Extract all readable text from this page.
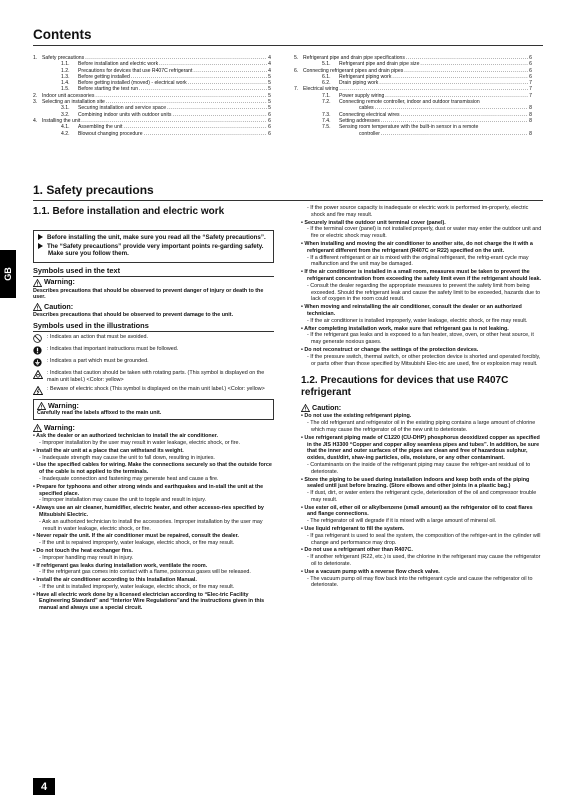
Contents
1. Safety precautions .....	4
1.1.	Before installation and electric work .....	4
1.2.	Precautions for devices that use R407C refrigerant .....	4
1.3.	Before getting installed .....	5
1.4.	Before getting installed (moved) - electrical work .....	5
1.5.	Before starting the test run .....	5
2. Indoor unit accessories .....	5
3. Selecting an installation site .....	5
3.1.	Securing installation and service space .....	5
3.2.	Combining indoor units with outdoor units .....	6
4. Installing the unit .....	6
4.1.	Assembling the unit .....	6
4.2.	Blowout changing procedure .....	6
5. Refrigerant pipe and drain pipe specifications .....	6
5.1.	Refrigerant pipe and drain pipe size .....	6
6. Connecting refrigerant pipes and drain pipes .....	6
6.1.	Refrigerant piping work .....	6
6.2.	Drain piping work .....	7
7. Electrical wiring .....	7
7.1.	Power supply wiring .....	7
7.2.	Connecting remote controller, indoor and outdoor transmission
cables .....	8
7.3.	Connecting electrical wires .....	8
7.4.	Setting addresses .....	8
7.5.	Sensing room temperature with the built-in sensor in a remote
controller .....	8
1. Safety precautions
GB
1.1. Before installation and electric work
Before installing the unit, make sure you read all the “Safety precautions”.
The “Safety precautions” provide very important points re-garding safety. Make sure you follow them.
Symbols used in the text
Warning:
Describes precautions that should be observed to prevent danger of injury or death to the user.
Caution:
Describes precautions that should be observed to prevent damage to the unit.
Symbols used in the illustrations
: Indicates an action that must be avoided.
: Indicates that important instructions must be followed.
: Indicates a part which must be grounded.
: Indicates that caution should be taken with rotating parts. (This symbol is displayed on the main unit label.) <Color: yellow>
: Beware of electric shock (This symbol is displayed on the main unit label.) <Color: yellow>
Warning:
Carefully read the labels affixed to the main unit.
Warning:
• Ask the dealer or an authorized technician to install the air conditioner.
- Improper installation by the user may result in water leakage, electric shock, or fire.
• Install the air unit at a place that can withstand its weight.
- Inadequate strength may cause the unit to fall down, resulting in injuries.
• Use the specified cables for wiring. Make the connections securely so that the outside force of the cable is not applied to the terminals.
- Inadequate connection and fastening may generate heat and cause a fire.
• Prepare for typhoons and other strong winds and earthquakes and in-stall the unit at the specified place.
- Improper installation may cause the unit to topple and result in injury.
• Always use an air cleaner, humidifier, electric heater, and other accesso-ries specified by Mitsubishi Electric.
- Ask an authorized technician to install the accessories. Improper installation by the user may result in water leakage, electric shock, or fire.
• Never repair the unit. If the air conditioner must be repaired, consult the dealer.
- If the unit is repaired improperly, water leakage, electric shock, or fire may result.
• Do not touch the heat exchanger fins.
- Improper handling may result in injury.
• If refrigerant gas leaks during installation work, ventilate the room.
- If the refrigerant gas comes into contact with a flame, poisonous gases will be released.
• Install the air conditioner according to this Installation Manual.
- If the unit is installed improperly, water leakage, electric shock, or fire may result.
• Have all electric work done by a licensed electrician according to “Elec-tric Facility Engineering Standard” and “Interior Wire Regulations”and the instructions given in this manual and always use a special circuit.
- If the power source capacity is inadequate or electric work is performed im-properly, electric shock and fire may result.
• Securely install the outdoor unit terminal cover (panel).
- If the terminal cover (panel) is not installed properly, dust or water may enter the outdoor unit and fire or electric shock may result.
• When installing and moving the air conditioner to another site, do not charge the it with a refrigerant different from the refrigerant (R407C or R22) specified on the unit.
- If a different refrigerant or air is mixed with the original refrigerant, the refrig-erant cycle may malfunction and the unit may be damaged.
• If the air conditioner is installed in a small room, measures must be taken to prevent the refrigerant concentration from exceeding the safety limit even if the refrigerant should leak.
- Consult the dealer regarding the appropriate measures to prevent the safety limit from being exceeded. Should the refrigerant leak and cause the safety limit to be exceeded, hazards due to lack of oxygen in the room could result.
• When moving and reinstalling the air conditioner, consult the dealer or an authorized technician.
- If the air conditioner is installed improperly, water leakage, electric shock, or fire may result.
• After completing installation work, make sure that refrigerant gas is not leaking.
- If the refrigerant gas leaks and is exposed to a fan heater, stove, oven, or other heat source, it may generate noxious gases.
• Do not reconstruct or change the settings of the protection devices.
- If the pressure switch, thermal switch, or other protection device is shorted and operated forcibly, or parts other than those specified by Mitsubishi Elec-tric are used, fire or explosion may result.
1.2. Precautions for devices that use R407C refrigerant
Caution:
• Do not use the existing refrigerant piping.
- The old refrigerant and refrigerator oil in the existing piping contains a large amount of chlorine which may cause the refrigerator oil of the new unit to deteriorate.
• Use refrigerant piping made of C1220 (CU-DHP) phosphorus deoxidized copper as specified in the JIS H3300 “Copper and copper alloy seamless pipes and tubes”. In addition, be sure that the inner and outer surfaces of the pipes are clean and free of hazardous sulphur, oxides, dust/dirt, shav-ing particles, oils, moisture, or any other contaminant.
- Contaminants on the inside of the refrigerant piping may cause the refriger-ant residual oil to deteriorate.
• Store the piping to be used during installation indoors and keep both ends of the piping sealed until just before brazing. (Store elbows and other joints in a plastic bag.)
- If dust, dirt, or water enters the refrigerant cycle, deterioration of the oil and compressor trouble may result.
• Use ester oil, ether oil or alkylbenzene (small amount) as the refrigerator oil to coat flares and flange connections.
- The refrigerator oil will degrade if it is mixed with a large amount of mineral oil.
• Use liquid refrigerant to fill the system.
- If gas refrigerant is used to seal the system, the composition of the refriger-ant in the cylinder will change and performance may drop.
• Do not use a refrigerant other than R407C.
- If another refrigerant (R22, etc.) is used, the chlorine in the refrigerant may cause the refrigerator oil to deteriorate.
• Use a vacuum pump with a reverse flow check valve.
- The vacuum pump oil may flow back into the refrigerant cycle and cause the refrigerator oil to deteriorate.
4
